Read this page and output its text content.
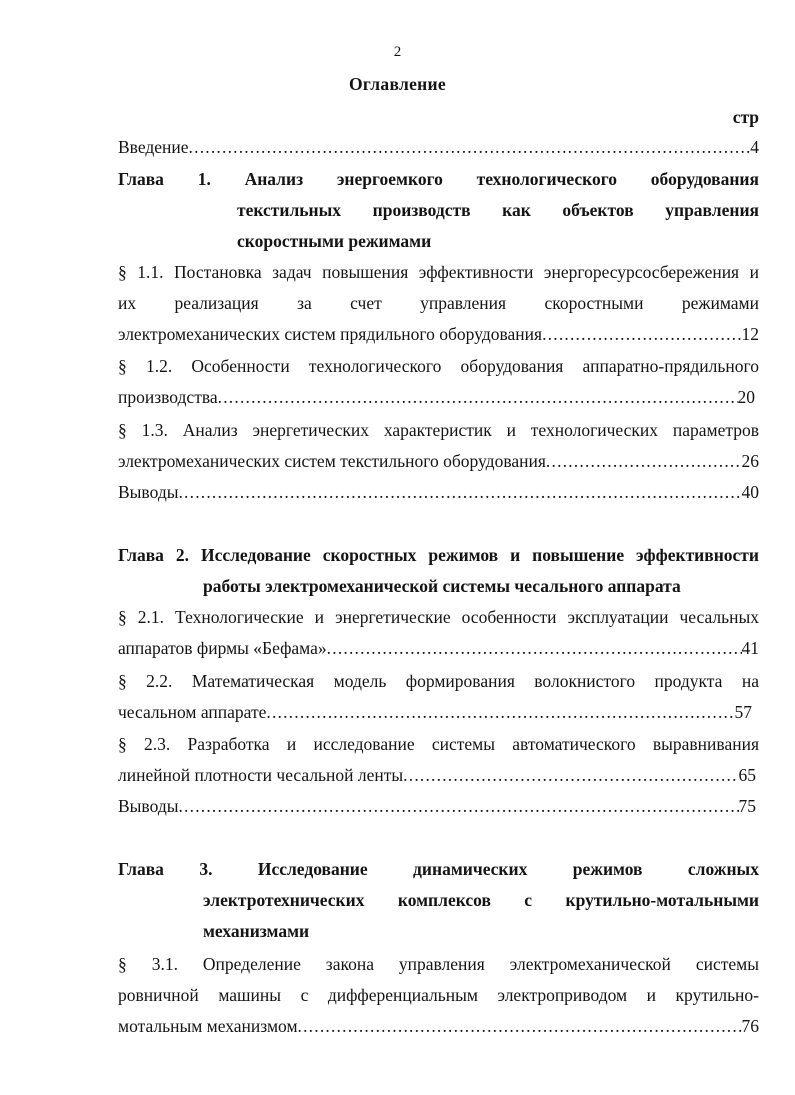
2
Оглавление
стр
Введение .....	4
Глава 1. Анализ энергоемкого технологического оборудования
текстильных производств как объектов управления
скоростными режимами
§ 1.1. Постановка задач повышения эффективности энергоресурсосбережения и
их реализация за счет управления скоростными режимами
электромеханических систем прядильного оборудования .....	12
§ 1.2. Особенности технологического оборудования аппаратно-прядильного
производства .....	20
§ 1.3. Анализ энергетических характеристик и технологических параметров
электромеханических систем текстильного оборудования .....	26
Выводы .....	40
Глава 2. Исследование скоростных режимов и повышение эффективности
работы электромеханической системы чесального аппарата
§ 2.1. Технологические и энергетические особенности эксплуатации чесальных
аппаратов фирмы «Бефама» .....	41
§ 2.2. Математическая модель формирования волокнистого продукта на
чесальном аппарате .....	57
§ 2.3. Разработка и исследование системы автоматического выравнивания
линейной плотности чесальной ленты .....	65
Выводы .....	75
Глава 3.	Исследование	динамических	режимов	сложных
электротехнических комплексов с крутильно-мотальными
механизмами
§ 3.1. Определение закона управления электромеханической системы
ровничной машины с дифференциальным электроприводом и крутильно-
мотальным механизмом .....	76
